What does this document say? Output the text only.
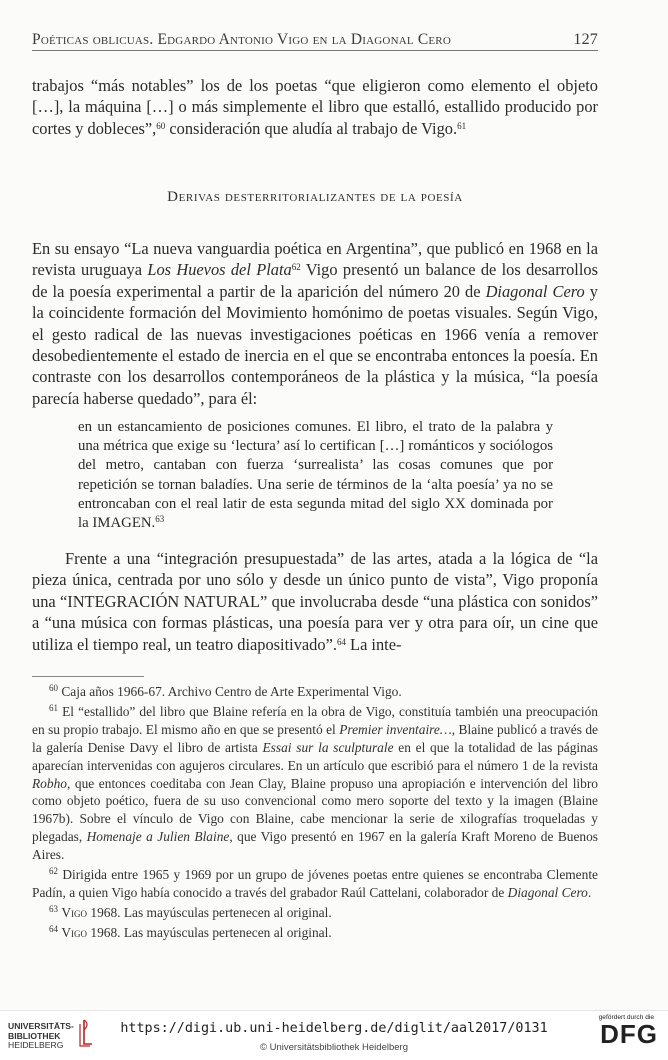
Poéticas oblicuas. Edgardo Antonio Vigo en la Diagonal Cero	127
trabajos “más notables” los de los poetas “que eligieron como elemento el objeto […], la máquina […] o más simplemente el libro que estalló, estallido producido por cortes y dobleces”,$^{60}$ consideración que aludía al trabajo de Vigo.$^{61}$
Derivas desterritorializantes de la poesía
En su ensayo “La nueva vanguardia poética en Argentina”, que publicó en 1968 en la revista uruguaya Los Huevos del Plata$^{62}$ Vigo presentó un balance de los desarrollos de la poesía experimental a partir de la aparición del número 20 de Diagonal Cero y la coincidente formación del Movimiento homónimo de poetas visuales. Según Vigo, el gesto radical de las nuevas investigaciones poéticas en 1966 venía a remover desobedientemente el estado de inercia en el que se encontraba entonces la poesía. En contraste con los desarrollos contemporáneos de la plástica y la música, “la poesía parecía haberse quedado”, para él:
en un estancamiento de posiciones comunes. El libro, el trato de la palabra y una métrica que exige su ‘lectura’ así lo certifican […] románticos y sociólogos del metro, cantaban con fuerza ‘surrealista’ las cosas comunes que por repetición se tornan baladíes. Una serie de términos de la ‘alta poesía’ ya no se entroncaban con el real latir de esta segunda mitad del siglo XX dominada por la IMAGEN.$^{63}$
Frente a una “integración presupuestada” de las artes, atada a la lógica de “la pieza única, centrada por uno sólo y desde un único punto de vista”, Vigo proponía una “INTEGRACIÓN NATURAL” que involucraba desde “una plástica con sonidos” a “una música con formas plásticas, una poesía para ver y otra para oír, un cine que utiliza el tiempo real, un teatro diapositivado”.$^{64}$ La inte-

$^{60}$ Caja años 1966-67. Archivo Centro de Arte Experimental Vigo.

$^{61}$ El “estallido” del libro que Blaine refería en la obra de Vigo, constituía también una preocupación en su propio trabajo. El mismo año en que se presentó el Premier inventaire…, Blaine publicó a través de la galería Denise Davy el libro de artista Essai sur la sculpturale en el que la totalidad de las páginas aparecían intervenidas con agujeros circulares. En un artículo que escribió para el número 1 de la revista Robho, que entonces coeditaba con Jean Clay, Blaine propuso una apropiación e intervención del libro como objeto poético, fuera de su uso convencional como mero soporte del texto y la imagen (Blaine 1967b). Sobre el vínculo de Vigo con Blaine, cabe mencionar la serie de xilografías troqueladas y plegadas, Homenaje a Julien Blaine, que Vigo presentó en 1967 en la galería Kraft Moreno de Buenos Aires.

$^{62}$ Dirigida entre 1965 y 1969 por un grupo de jóvenes poetas entre quienes se encontraba Clemente Padín, a quien Vigo había conocido a través del grabador Raúl Cattelani, colaborador de Diagonal Cero.

$^{63}$ Vigo 1968. Las mayúsculas pertenecen al original.

$^{64}$ Vigo 1968. Las mayúsculas pertenecen al original.

UNIVERSITÄTS-
BIBLIOTHEK
HEIDELBERG
https://digi.ub.uni-heidelberg.de/diglit/aal2017/0131
© Universitätsbibliothek Heidelberg
gefördert durch die
DFG
